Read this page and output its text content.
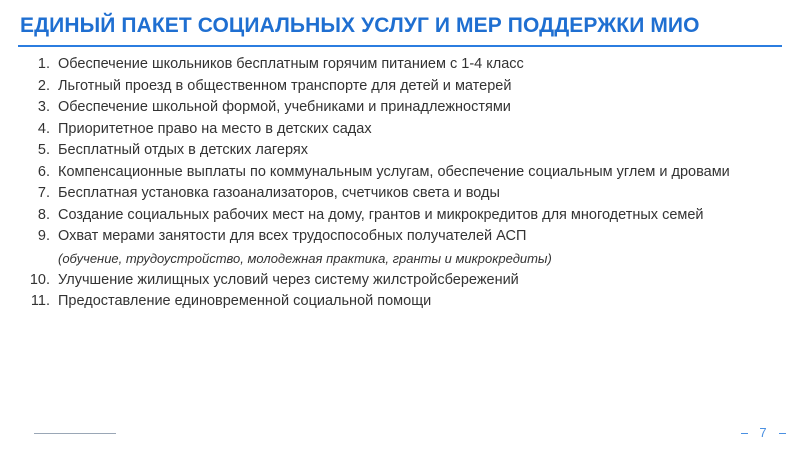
ЕДИНЫЙ ПАКЕТ СОЦИАЛЬНЫХ УСЛУГ И МЕР ПОДДЕРЖКИ МИО
1. Обеспечение школьников бесплатным горячим питанием с 1-4 класс
2. Льготный проезд в общественном транспорте для детей и матерей
3. Обеспечение школьной формой, учебниками и принадлежностями
4. Приоритетное право на место в детских садах
5. Бесплатный отдых в детских лагерях
6. Компенсационные выплаты по коммунальным услугам, обеспечение социальным углем и дровами
7. Бесплатная установка газоанализаторов, счетчиков света и воды
8. Создание социальных рабочих мест на дому, грантов и микрокредитов для многодетных семей
9. Охват мерами занятости для всех трудоспособных получателей АСП
(обучение, трудоустройство, молодежная практика, гранты и микрокредиты)
10. Улучшение жилищных условий через систему жилстройсбережений
11. Предоставление единовременной социальной помощи
7
